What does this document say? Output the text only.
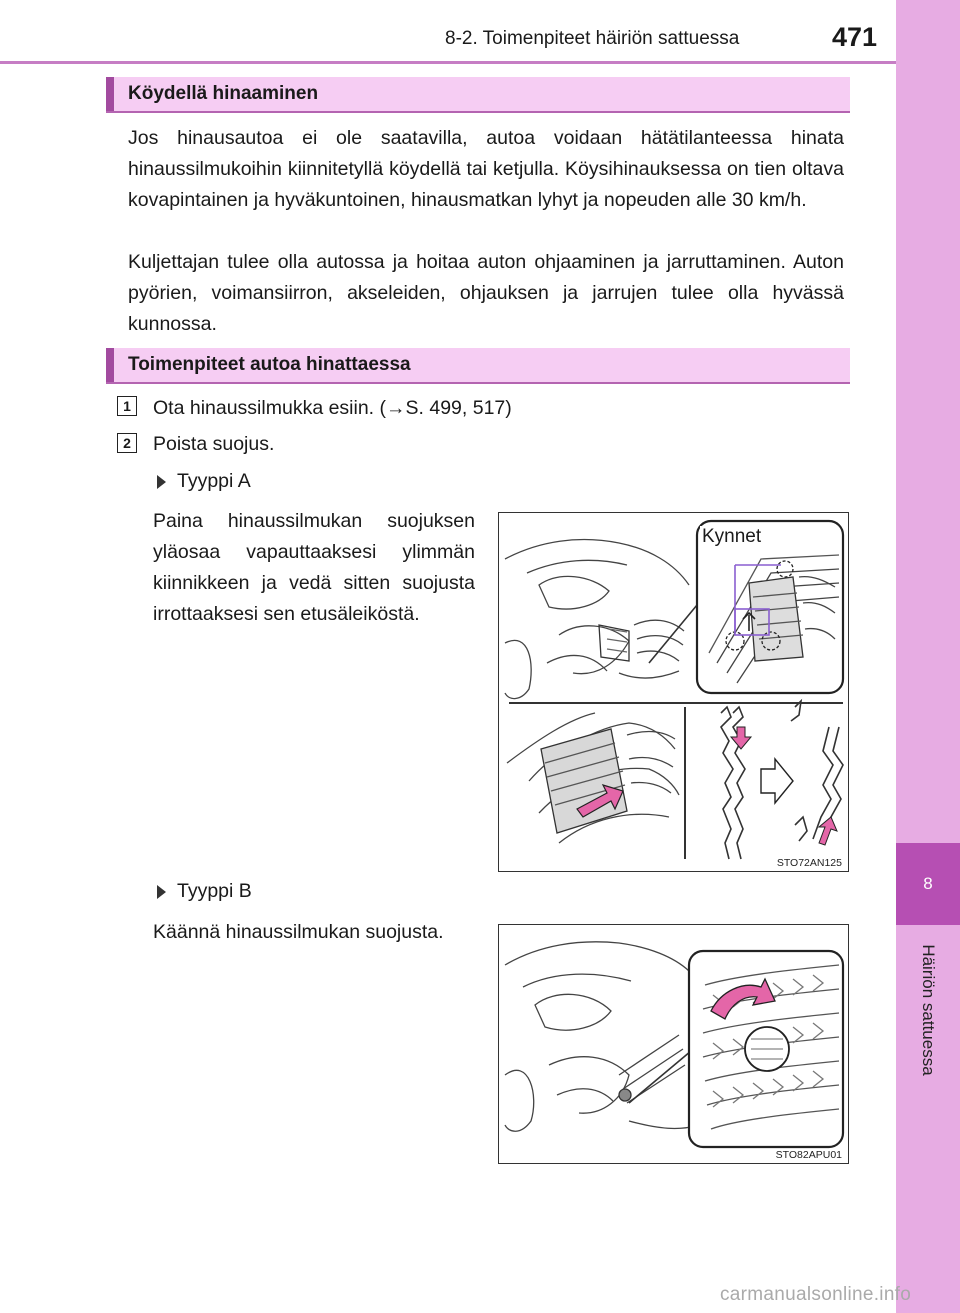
8-2. Toimenpiteet häiriön sattuessa	471
8
Häiriön sattuessa
Köydellä hinaaminen
Jos hinausautoa ei ole saatavilla, autoa voidaan hätätilanteessa hinata hinaussilmukoihin kiinnitetyllä köydellä tai ketjulla. Köysihinauksessa on tien oltava kovapintainen ja hyväkuntoinen, hinausmatkan lyhyt ja nopeuden alle 30 km/h.
Kuljettajan tulee olla autossa ja hoitaa auton ohjaaminen ja jarruttaminen. Auton pyörien, voimansiirron, akseleiden, ohjauksen ja jarrujen tulee olla hyvässä kunnossa.
Toimenpiteet autoa hinattaessa
1	Ota hinaussilmukka esiin. (→S. 499, 517)
2	Poista suojus.
Tyyppi A
Paina hinaussilmukan suojuksen yläosaa vapauttaaksesi ylimmän kiinnikkeen ja vedä sitten suojusta irrottaaksesi sen etusäleiköstä.
Kynnet
STO72AN125
Tyyppi B
Käännä hinaussilmukan suojusta.
STO82APU01
carmanualsonline.info
